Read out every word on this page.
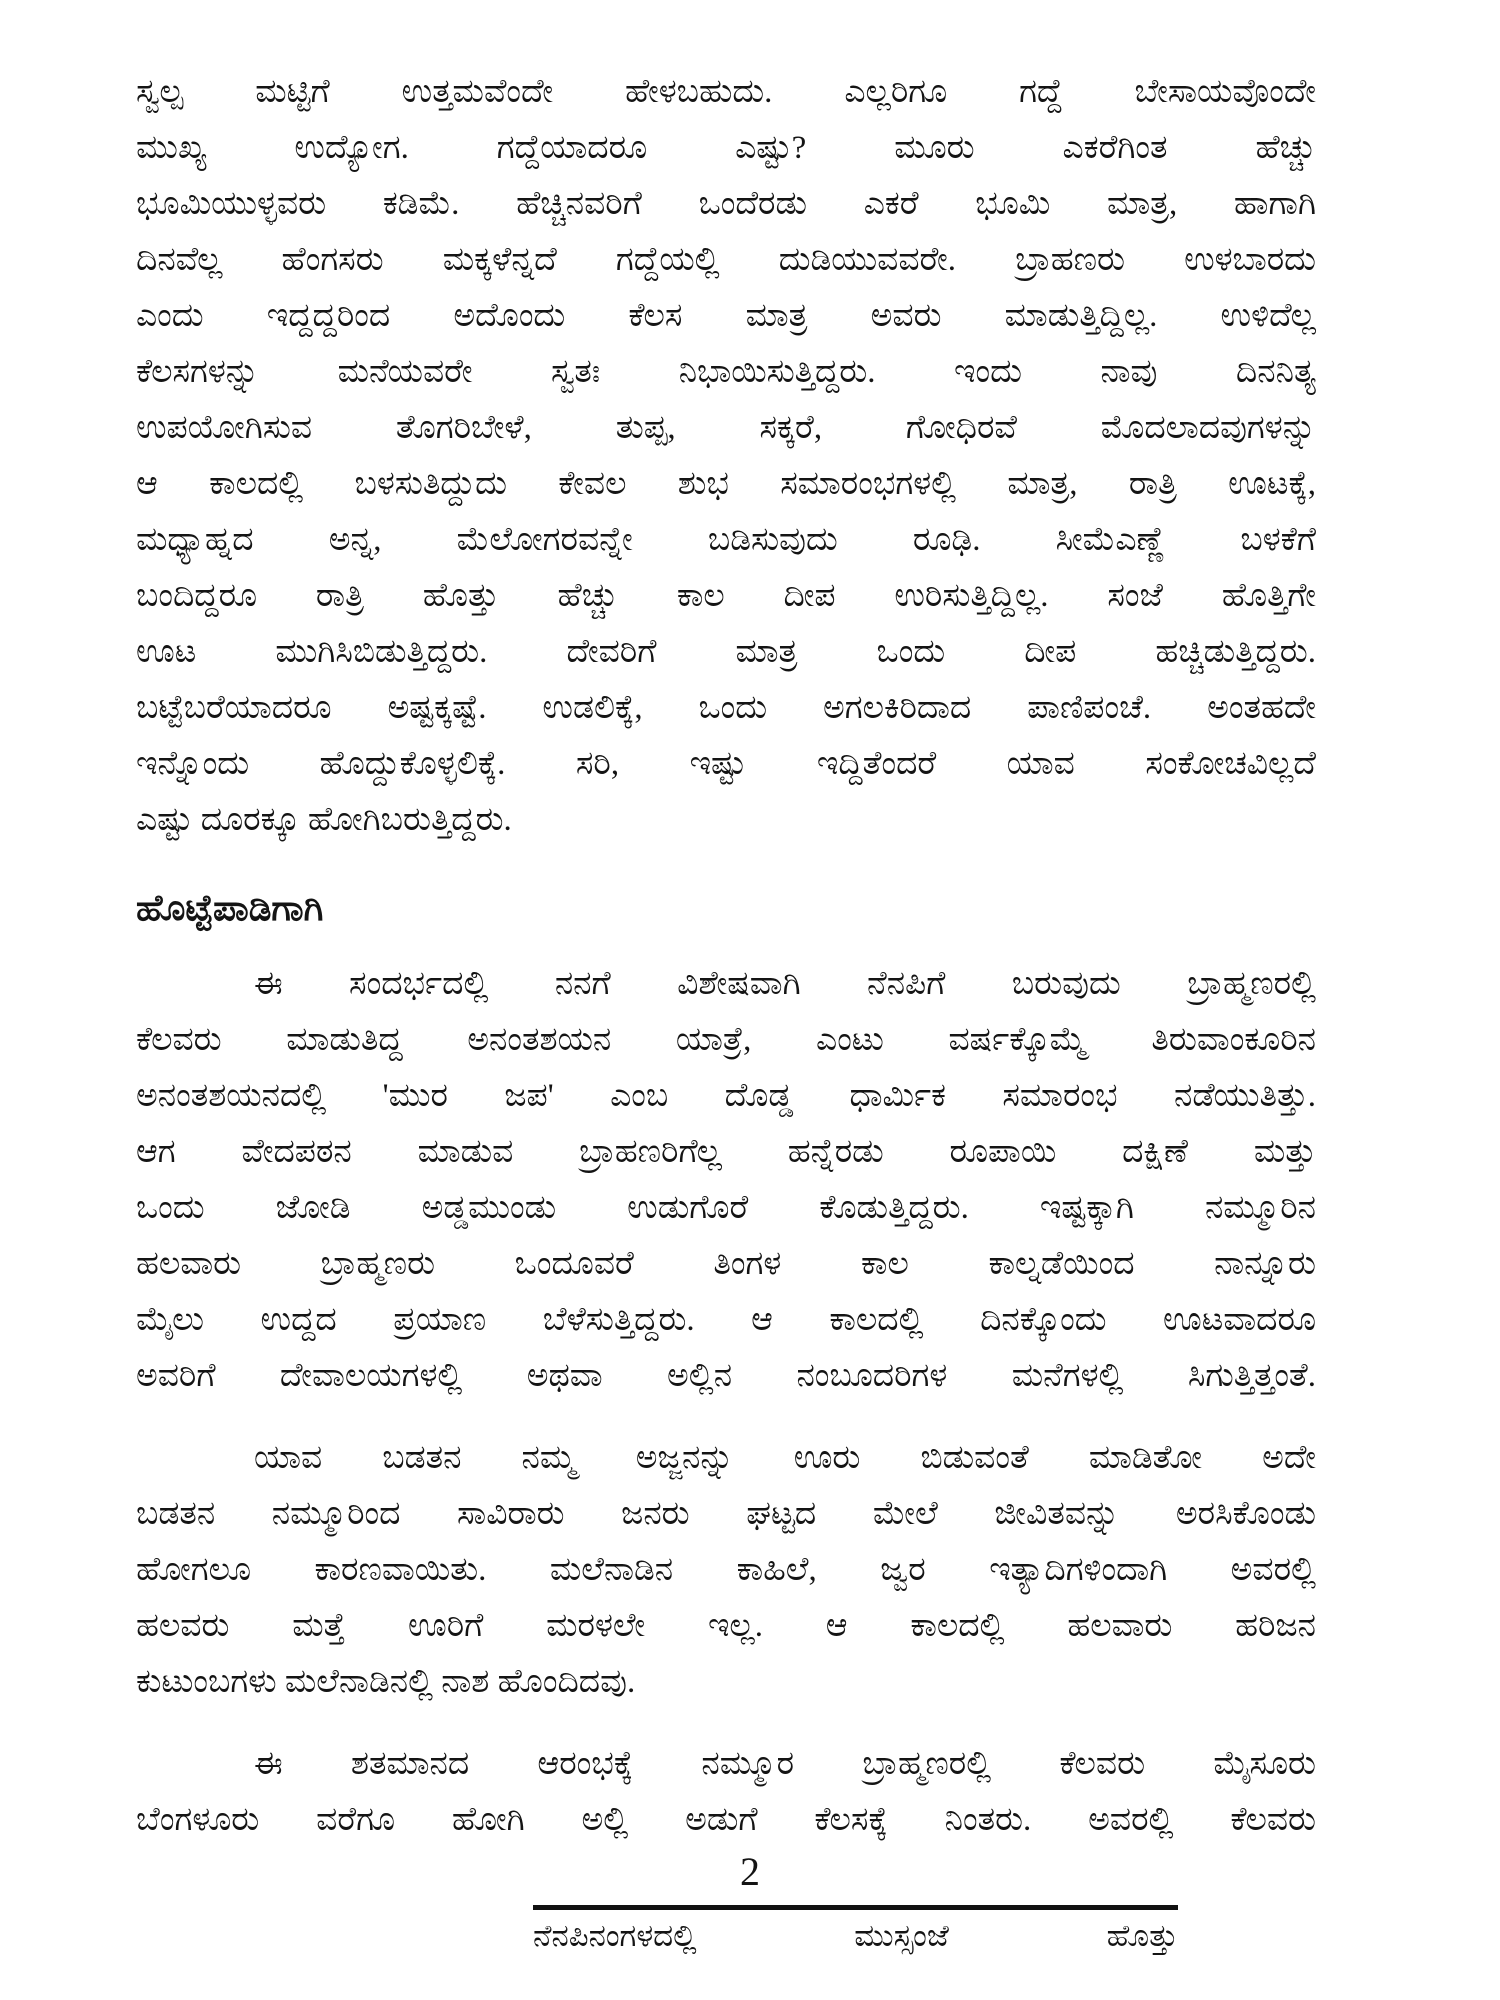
ಸ್ವಲ್ಪ ಮಟ್ಟಿಗೆ ಉತ್ತಮವೆಂದೇ ಹೇಳಬಹುದು. ಎಲ್ಲರಿಗೂ ಗದ್ದೆ ಬೇಸಾಯವೊಂದೇ
ಮುಖ್ಯ ಉದ್ಯೋಗ. ಗದ್ದೆಯಾದರೂ ಎಷ್ಟು? ಮೂರು ಎಕರೆಗಿಂತ ಹೆಚ್ಚು
ಭೂಮಿಯುಳ್ಳವರು ಕಡಿಮೆ. ಹೆಚ್ಚಿನವರಿಗೆ ಒಂದೆರಡು ಎಕರೆ ಭೂಮಿ ಮಾತ್ರ, ಹಾಗಾಗಿ
ದಿನವೆಲ್ಲ ಹೆಂಗಸರು ಮಕ್ಕಳೆನ್ನದೆ ಗದ್ದೆಯಲ್ಲಿ ದುಡಿಯುವವರೇ. ಬ್ರಾಹಣರು ಉಳಬಾರದು
ಎಂದು ಇದ್ದದ್ದರಿಂದ ಅದೊಂದು ಕೆಲಸ ಮಾತ್ರ ಅವರು ಮಾಡುತ್ತಿದ್ದಿಲ್ಲ. ಉಳಿದೆಲ್ಲ
ಕೆಲಸಗಳನ್ನು ಮನೆಯವರೇ ಸ್ವತಃ ನಿಭಾಯಿಸುತ್ತಿದ್ದರು. ಇಂದು ನಾವು ದಿನನಿತ್ಯ
ಉಪಯೋಗಿಸುವ ತೊಗರಿಬೇಳೆ, ತುಪ್ಪ, ಸಕ್ಕರೆ, ಗೋಧಿರವೆ ಮೊದಲಾದವುಗಳನ್ನು
ಆ ಕಾಲದಲ್ಲಿ ಬಳಸುತಿದ್ದುದು ಕೇವಲ ಶುಭ ಸಮಾರಂಭಗಳಲ್ಲಿ ಮಾತ್ರ, ರಾತ್ರಿ ಊಟಕ್ಕೆ,
ಮಧ್ಯಾಹ್ನದ ಅನ್ನ, ಮೆಲೋಗರವನ್ನೇ ಬಡಿಸುವುದು ರೂಢಿ. ಸೀಮೆಎಣ್ಣೆ ಬಳಕೆಗೆ
ಬಂದಿದ್ದರೂ ರಾತ್ರಿ ಹೊತ್ತು ಹೆಚ್ಚು ಕಾಲ ದೀಪ ಉರಿಸುತ್ತಿದ್ದಿಲ್ಲ. ಸಂಜೆ ಹೊತ್ತಿಗೇ
ಊಟ ಮುಗಿಸಿಬಿಡುತ್ತಿದ್ದರು. ದೇವರಿಗೆ ಮಾತ್ರ ಒಂದು ದೀಪ ಹಚ್ಚಿಡುತ್ತಿದ್ದರು.
ಬಟ್ಟೆಬರೆಯಾದರೂ ಅಷ್ಟಕ್ಕಷ್ಟೆ. ಉಡಲಿಕ್ಕೆ, ಒಂದು ಅಗಲಕಿರಿದಾದ ಪಾಣಿಪಂಚೆ. ಅಂತಹದೇ
ಇನ್ನೊಂದು ಹೊದ್ದುಕೊಳ್ಳಲಿಕ್ಕೆ. ಸರಿ, ಇಷ್ಟು ಇದ್ದಿತೆಂದರೆ ಯಾವ ಸಂಕೋಚವಿಲ್ಲದೆ
ಎಷ್ಟು ದೂರಕ್ಕೂ ಹೋಗಿಬರುತ್ತಿದ್ದರು.
ಹೊಟ್ಟೆಪಾಡಿಗಾಗಿ
ಈ ಸಂದರ್ಭದಲ್ಲಿ ನನಗೆ ವಿಶೇಷವಾಗಿ ನೆನಪಿಗೆ ಬರುವುದು ಬ್ರಾಹ್ಮಣರಲ್ಲಿ
ಕೆಲವರು ಮಾಡುತಿದ್ದ ಅನಂತಶಯನ ಯಾತ್ರೆ, ಎಂಟು ವರ್ಷಕ್ಕೊಮ್ಮೆ ತಿರುವಾಂಕೂರಿನ
ಅನಂತಶಯನದಲ್ಲಿ 'ಮುರ ಜಪ' ಎಂಬ ದೊಡ್ಡ ಧಾರ್ಮಿಕ ಸಮಾರಂಭ ನಡೆಯುತಿತ್ತು.
ಆಗ ವೇದಪಠನ ಮಾಡುವ ಬ್ರಾಹಣರಿಗೆಲ್ಲ ಹನ್ನೆರಡು ರೂಪಾಯಿ ದಕ್ಷಿಣೆ ಮತ್ತು
ಒಂದು ಜೋಡಿ ಅಡ್ಡಮುಂಡು ಉಡುಗೊರೆ ಕೊಡುತ್ತಿದ್ದರು. ಇಷ್ಟಕ್ಕಾಗಿ ನಮ್ಮೂರಿನ
ಹಲವಾರು ಬ್ರಾಹ್ಮಣರು ಒಂದೂವರೆ ತಿಂಗಳ ಕಾಲ ಕಾಲ್ನಡೆಯಿಂದ ನಾನ್ನೂರು
ಮೈಲು ಉದ್ದದ ಪ್ರಯಾಣ ಬೆಳೆಸುತ್ತಿದ್ದರು. ಆ ಕಾಲದಲ್ಲಿ ದಿನಕ್ಕೊಂದು ಊಟವಾದರೂ
ಅವರಿಗೆ ದೇವಾಲಯಗಳಲ್ಲಿ ಅಥವಾ ಅಲ್ಲಿನ ನಂಬೂದರಿಗಳ ಮನೆಗಳಲ್ಲಿ ಸಿಗುತ್ತಿತ್ತಂತೆ.
ಯಾವ ಬಡತನ ನಮ್ಮ ಅಜ್ಜನನ್ನು ಊರು ಬಿಡುವಂತೆ ಮಾಡಿತೋ ಅದೇ
ಬಡತನ ನಮ್ಮೂರಿಂದ ಸಾವಿರಾರು ಜನರು ಘಟ್ಟದ ಮೇಲೆ ಜೀವಿತವನ್ನು ಅರಸಿಕೊಂಡು
ಹೋಗಲೂ ಕಾರಣವಾಯಿತು. ಮಲೆನಾಡಿನ ಕಾಹಿಲೆ, ಜ್ವರ ಇತ್ಯಾದಿಗಳಿಂದಾಗಿ ಅವರಲ್ಲಿ
ಹಲವರು ಮತ್ತೆ ಊರಿಗೆ ಮರಳಲೇ ಇಲ್ಲ. ಆ ಕಾಲದಲ್ಲಿ ಹಲವಾರು ಹರಿಜನ
ಕುಟುಂಬಗಳು ಮಲೆನಾಡಿನಲ್ಲಿ ನಾಶ ಹೊಂದಿದವು.
ಈ ಶತಮಾನದ ಆರಂಭಕ್ಕೆ ನಮ್ಮೂರ ಬ್ರಾಹ್ಮಣರಲ್ಲಿ ಕೆಲವರು ಮೈಸೂರು
ಬೆಂಗಳೂರು ವರೆಗೂ ಹೋಗಿ ಅಲ್ಲಿ ಅಡುಗೆ ಕೆಲಸಕ್ಕೆ ನಿಂತರು. ಅವರಲ್ಲಿ ಕೆಲವರು
2
ನೆನಪಿನಂಗಳದಲ್ಲಿ ಮುಸ್ಸಂಜೆ ಹೊತ್ತು
